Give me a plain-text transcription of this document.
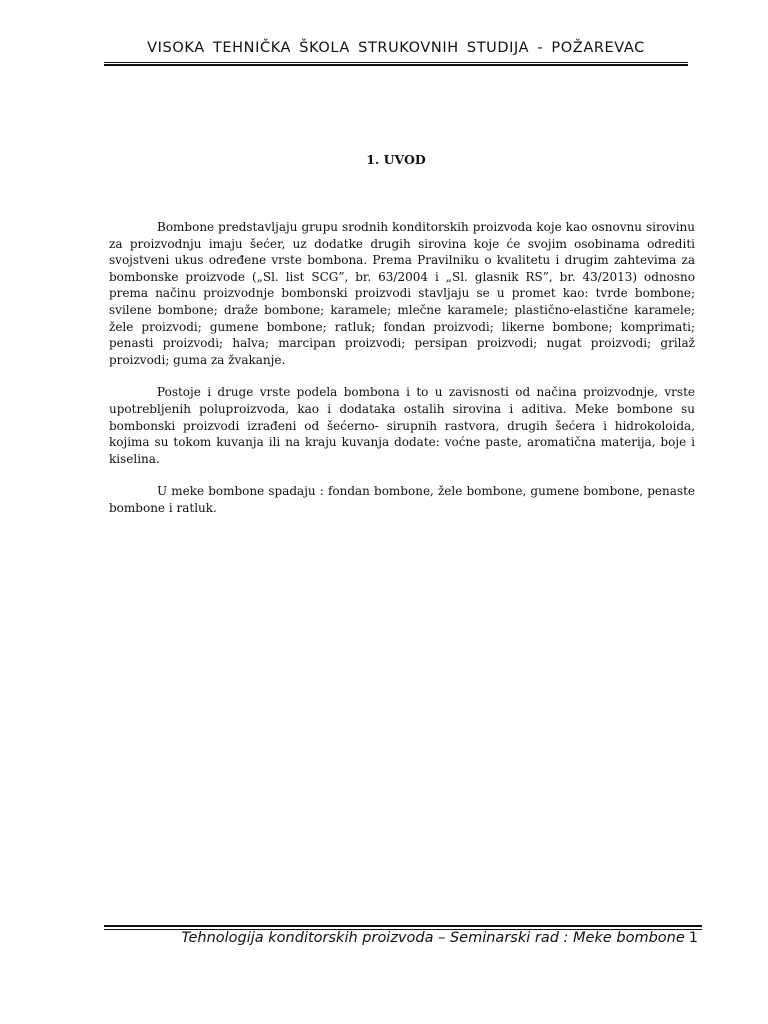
VISOKA TEHNIČKA ŠKOLA STRUKOVNIH STUDIJA - POŽAREVAC
1. UVOD

Bombone predstavljaju grupu srodnih konditorskih proizvoda koje kao osnovnu sirovinu za proizvodnju imaju šećer, uz dodatke drugih sirovina koje će svojim osobinama odrediti svojstveni ukus određene vrste bombona. Prema Pravilniku o kvalitetu i drugim zahtevima za bombonske proizvode („Sl. list SCG”, br. 63/2004 i „Sl. glasnik RS”, br. 43/2013) odnosno prema načinu proizvodnje bombonski proizvodi stavljaju se u promet kao: tvrde bombone; svilene bombone; draže bombone; karamele; mlečne karamele; plastično-elastične karamele; žele proizvodi; gumene bombone; ratluk; fondan proizvodi; likerne bombone; komprimati; penasti proizvodi; halva; marcipan proizvodi; persipan proizvodi; nugat proizvodi; grilaž proizvodi; guma za žvakanje.

Postoje i druge vrste podela bombona i to u zavisnosti od načina proizvodnje, vrste upotrebljenih poluproizvoda, kao i dodataka ostalih sirovina i aditiva. Meke bombone su bombonski proizvodi izrađeni od šećerno- sirupnih rastvora, drugih šećera i hidrokoloida, kojima su tokom kuvanja ili na kraju kuvanja dodate: voćne paste, aromatična materija, boje i kiselina.

U meke bombone spadaju : fondan bombone, žele bombone, gumene bombone, penaste bombone i ratluk.

Tehnologija konditorskih proizvoda – Seminarski rad : Meke bombone 1
